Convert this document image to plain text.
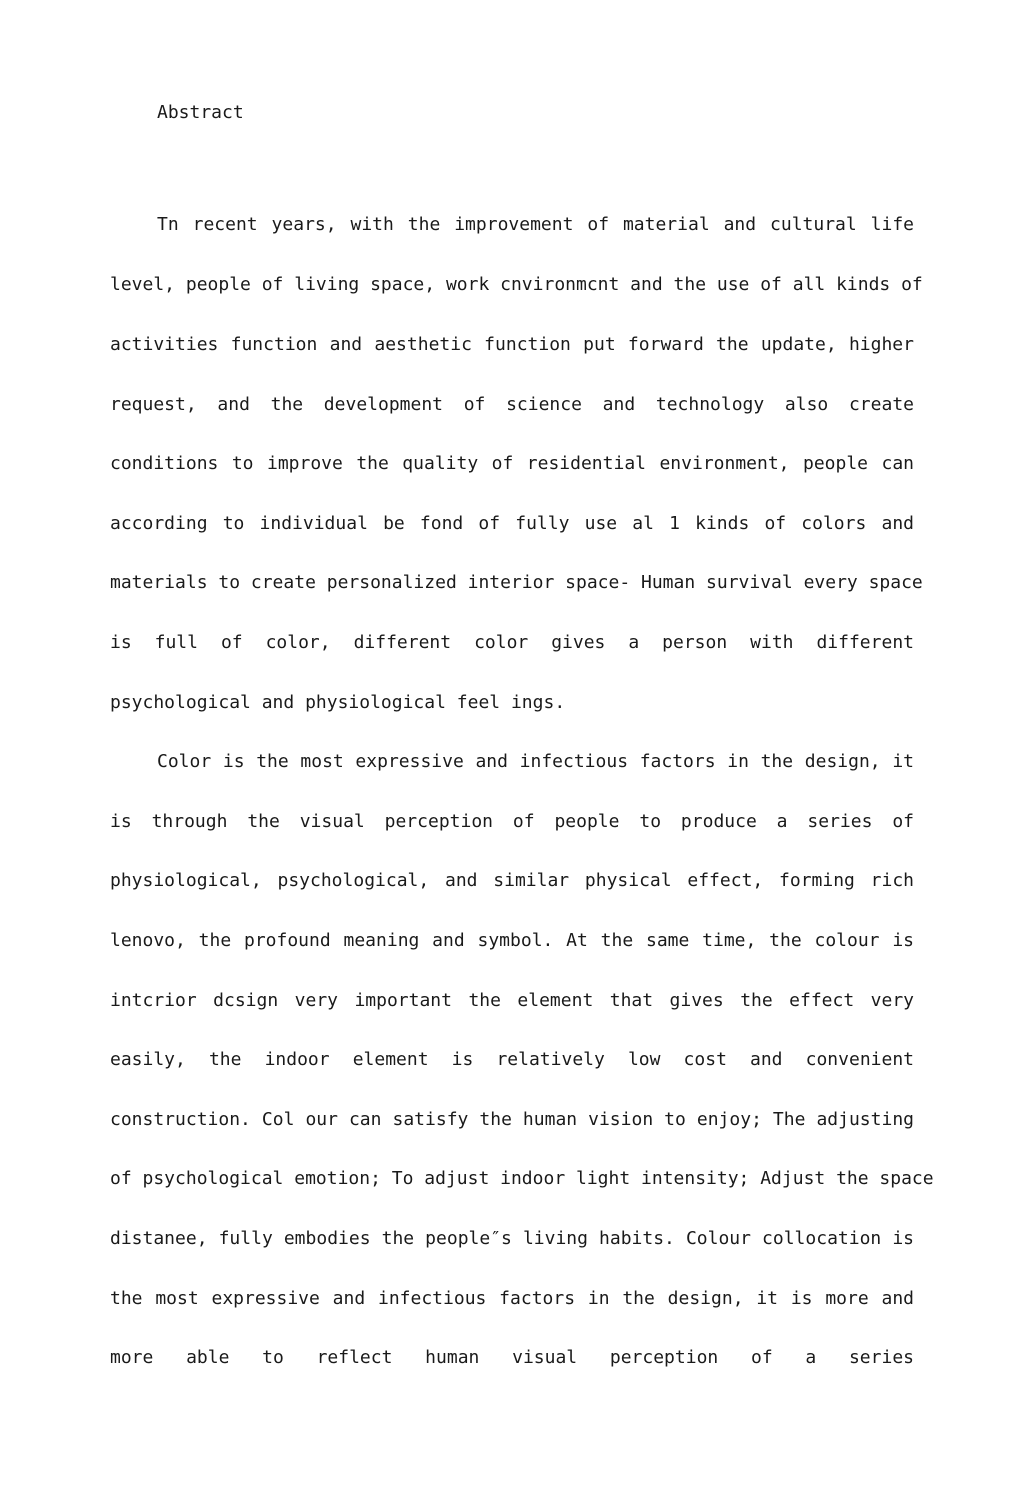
Abstract
Tn recent years, with the improvement of material and cultural life
level, people of living space, work cnvironmcnt and the use of all kinds of
activities function and aesthetic function put forward the update, higher
request, and the development of science and technology also create
conditions to improve the quality of residential environment, people can
according to individual be fond of fully use al 1 kinds of colors and
materials to create personalized interior space- Human survival every space
is full of color, different color gives a person with different
psychological and physiological feel ings.
Color is the most expressive and infectious factors in the design, it
is through the visual perception of people to produce a series of
physiological, psychological, and similar physical effect, forming rich
lenovo, the profound meaning and symbol. At the same time, the colour is
intcrior dcsign very important the element that gives the effect very
easily, the indoor element is relatively low cost and convenient
construction. Col our can satisfy the human vision to enjoy; The adjusting
of psychological emotion; To adjust indoor light intensity; Adjust the space
distanee, fully embodies the people″s living habits. Colour collocation is
the most expressive and infectious factors in the design, it is more and
more able to reflect human visual perception of a series
